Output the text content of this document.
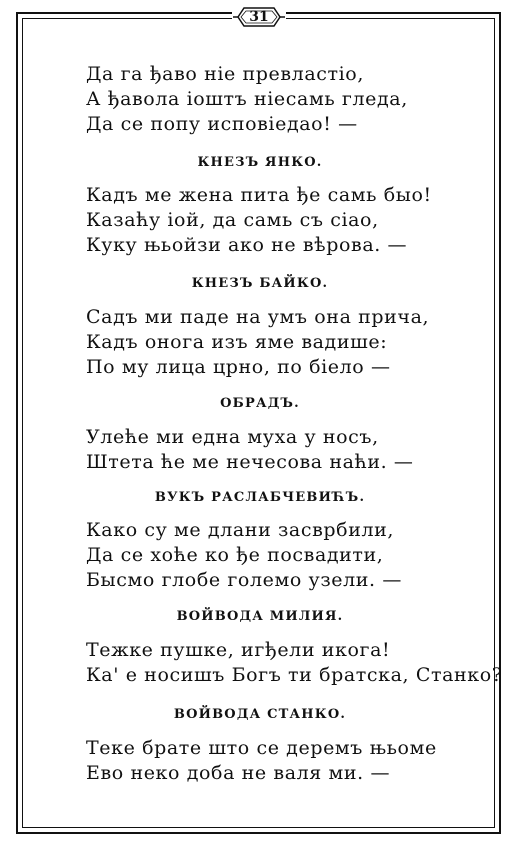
31
Да га ђаво ніе превластіо,
А ђавола іоштъ ніесамь гледа,
Да се попу исповіедао! —
КНЕЗЪ ЯНКО.
Кадъ ме жена пита ђе самь быо!
Казаћу іой, да самь съ сіао,
Куку њьойзи ако не вѣрова. —
КНЕЗЪ БАЙКО.
Садъ ми паде на умъ она прича,
Кадъ онога изъ яме вадише:
По му лица црно, по біело —
ОБРАДЪ.
Улеће ми една муха у носъ,
Штета ће ме нечесова наћи. —
ВУКЪ РАСЛАБЧЕВИЋЪ.
Како су ме длани засврбили,
Да се хоће ко ђе посвадити,
Бысмо глобе големо узели. —
ВОЙВОДА МИЛИЯ.
Тежке пушке, игђели икога!
Ка' е носишъ Богъ ти братска, Станко?
ВОЙВОДА СТАНКО.
Теке брате што се деремъ њьоме
Ево неко доба не валя ми. —
